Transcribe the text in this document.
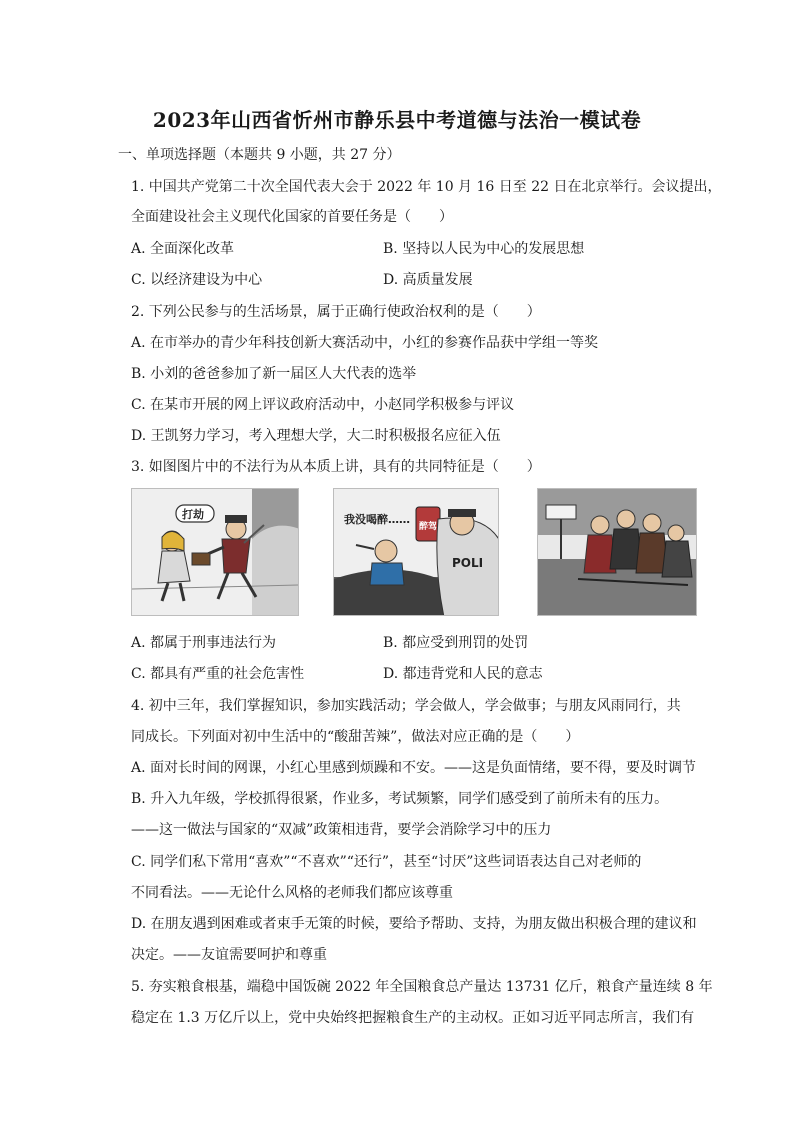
2023年山西省忻州市静乐县中考道德与法治一模试卷
一、单项选择题（本题共 9 小题，共 27 分）
1. 中国共产党第二十次全国代表大会于 2022 年 10 月 16 日至 22 日在北京举行。会议提出，
全面建设社会主义现代化国家的首要任务是（　　）
A. 全面深化改革	B. 坚持以人民为中心的发展思想
C. 以经济建设为中心	D. 高质量发展
2. 下列公民参与的生活场景，属于正确行使政治权利的是（　　）
A. 在市举办的青少年科技创新大赛活动中，小红的参赛作品获中学组一等奖
B. 小刘的爸爸参加了新一届区人大代表的选举
C. 在某市开展的网上评议政府活动中，小赵同学积极参与评议
D. 王凯努力学习，考入理想大学，大二时积极报名应征入伍
3. 如图图片中的不法行为从本质上讲，具有的共同特征是（　　）
打劫	我没喝醉……
醉驾
POLI
A. 都属于刑事违法行为	B. 都应受到刑罚的处罚
C. 都具有严重的社会危害性	D. 都违背党和人民的意志
4. 初中三年，我们掌握知识，参加实践活动；学会做人，学会做事；与朋友风雨同行，共
同成长。下列面对初中生活中的“酸甜苦辣”，做法对应正确的是（　　）
A. 面对长时间的网课，小红心里感到烦躁和不安。——这是负面情绪，要不得，要及时调节
B. 升入九年级，学校抓得很紧，作业多，考试频繁，同学们感受到了前所未有的压力。
——这一做法与国家的“双减”政策相违背，要学会消除学习中的压力
C. 同学们私下常用“喜欢”“不喜欢”“还行”，甚至“讨厌”这些词语表达自己对老师的
不同看法。——无论什么风格的老师我们都应该尊重
D. 在朋友遇到困难或者束手无策的时候，要给予帮助、支持，为朋友做出积极合理的建议和
决定。——友谊需要呵护和尊重
5. 夯实粮食根基，端稳中国饭碗 2022 年全国粮食总产量达 13731 亿斤，粮食产量连续 8 年
稳定在 1.3 万亿斤以上，党中央始终把握粮食生产的主动权。正如习近平同志所言，我们有
